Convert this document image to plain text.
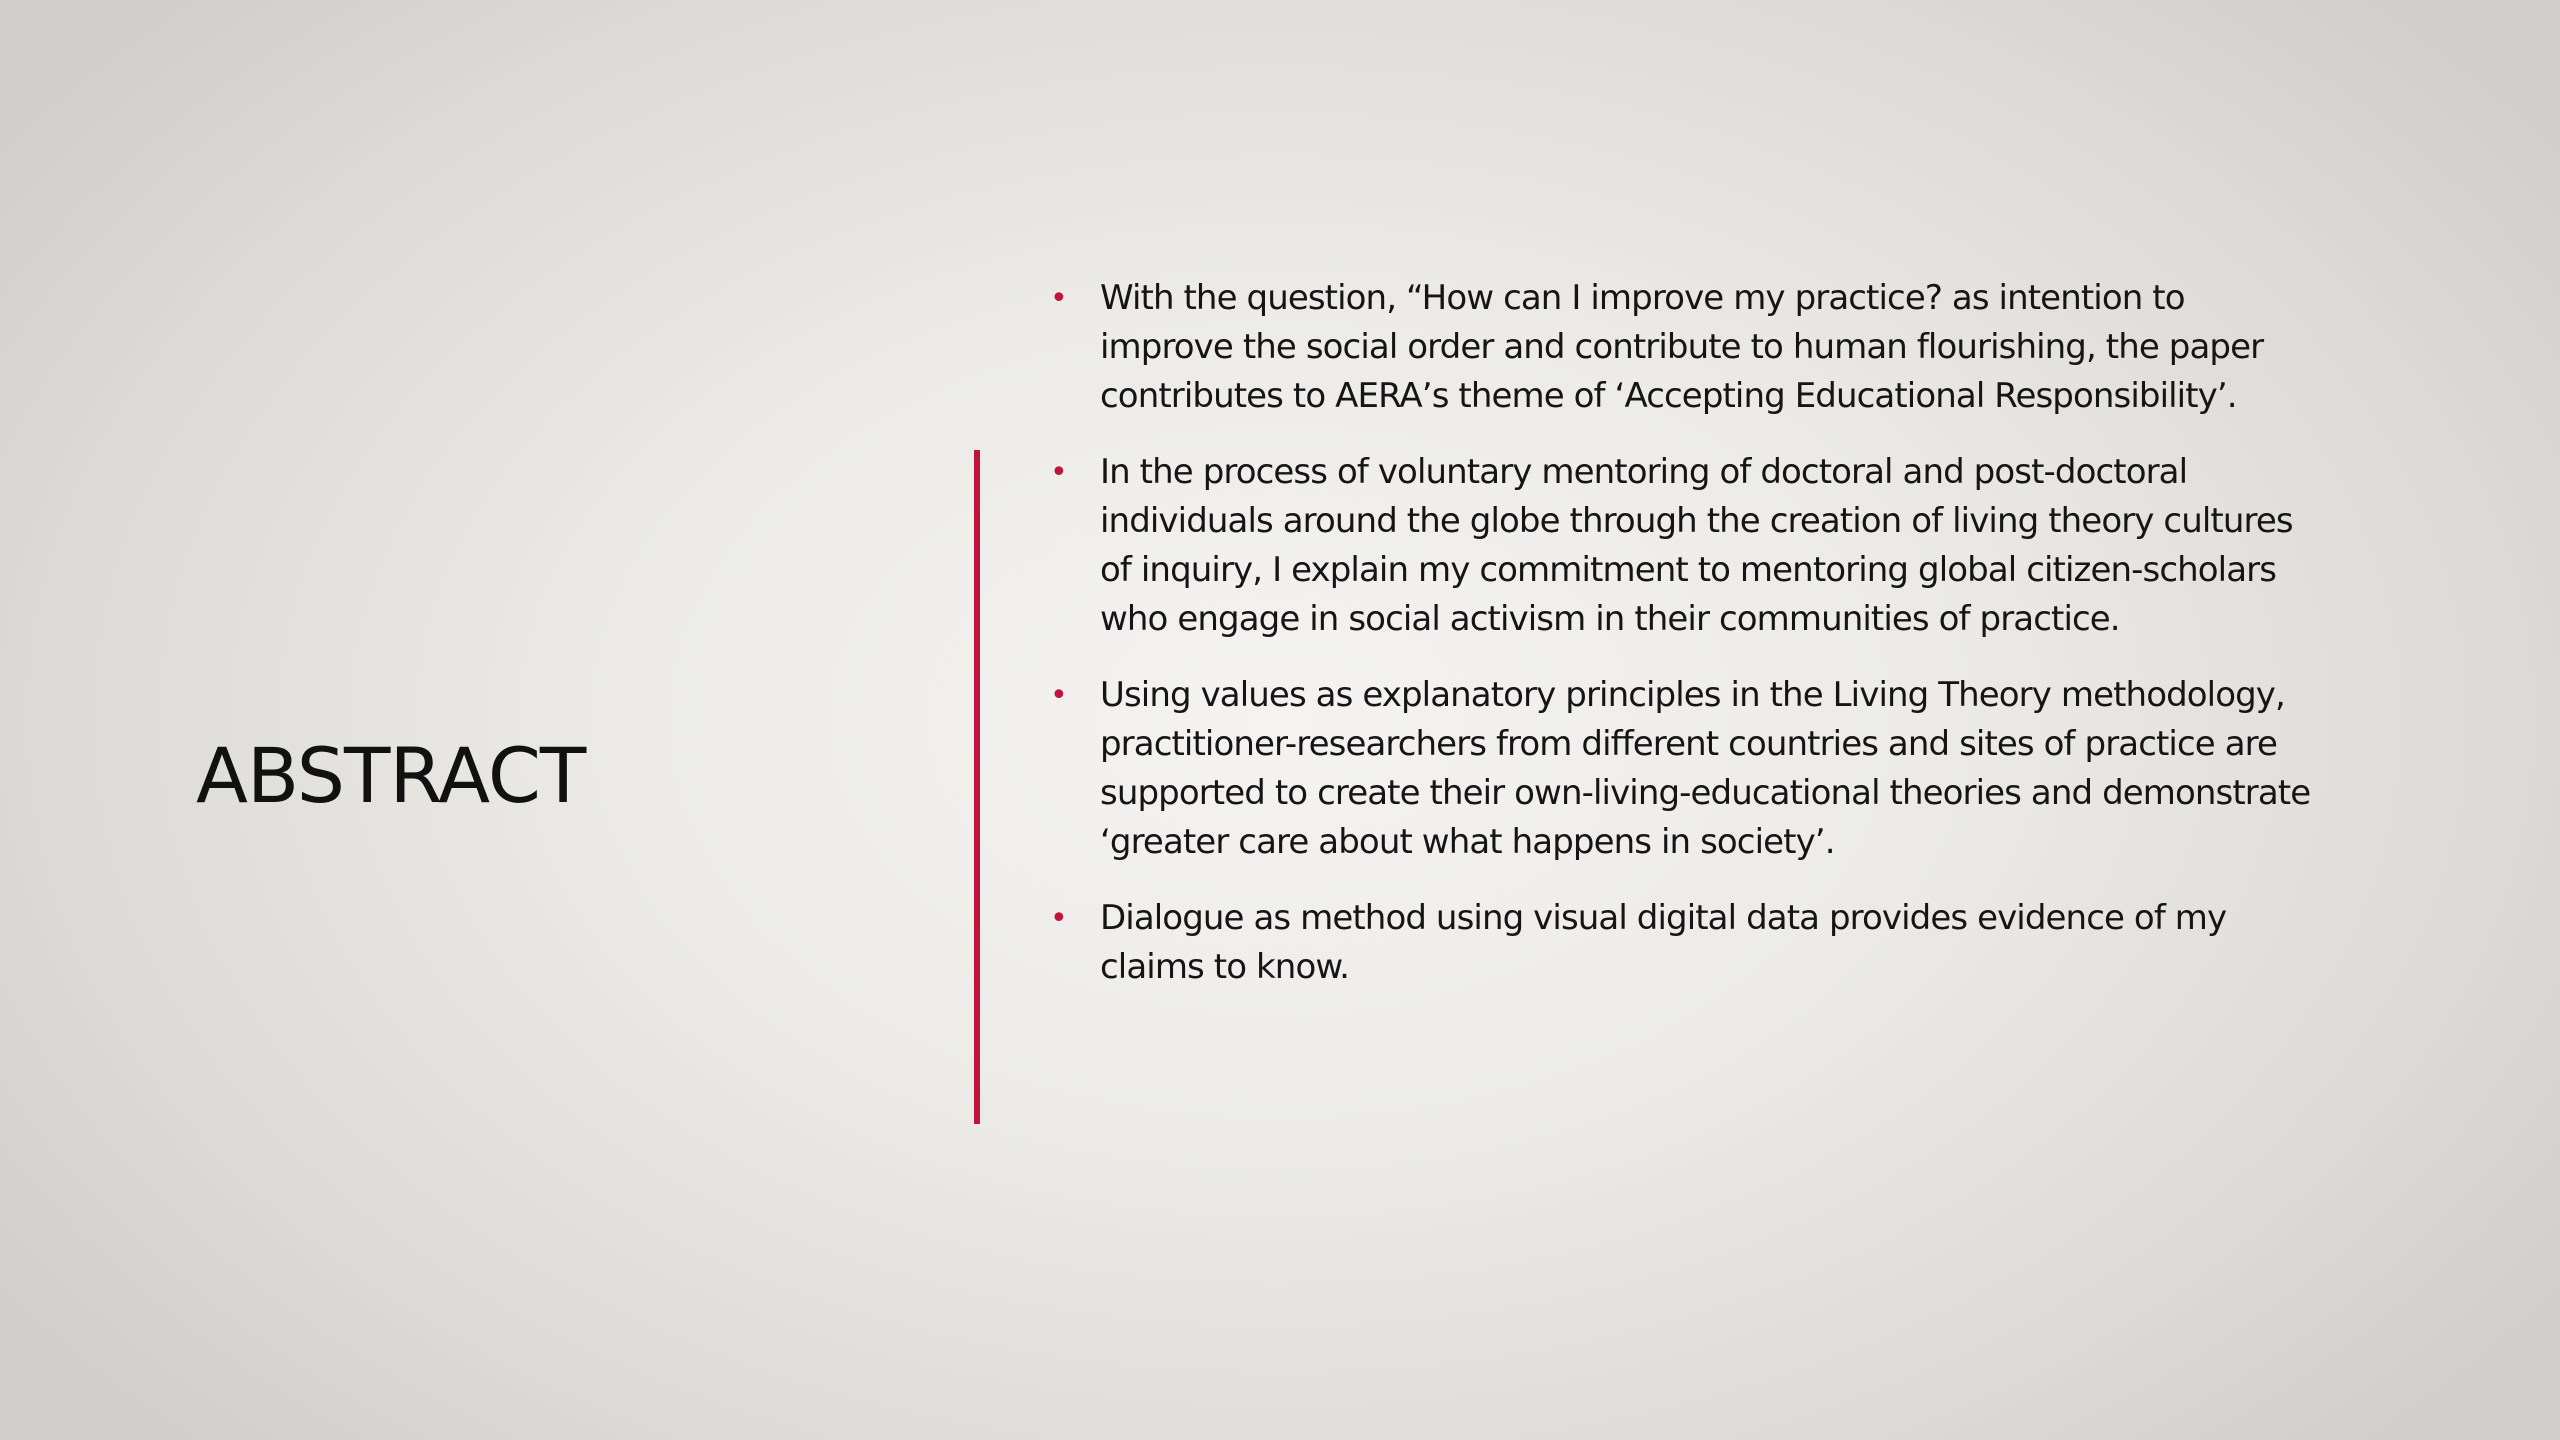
ABSTRACT
• With the question, “How can I improve my practice? as intention to improve the social order and contribute to human flourishing, the paper contributes to AERA’s theme of ‘Accepting Educational Responsibility’.
• In the process of voluntary mentoring of doctoral and post-doctoral individuals around the globe through the creation of living theory cultures of inquiry, I explain my commitment to mentoring global citizen-scholars who engage in social activism in their communities of practice.
• Using values as explanatory principles in the Living Theory methodology, practitioner-researchers from different countries and sites of practice are supported to create their own-living-educational theories and demonstrate ‘greater care about what happens in society’.
• Dialogue as method using visual digital data provides evidence of my claims to know.
